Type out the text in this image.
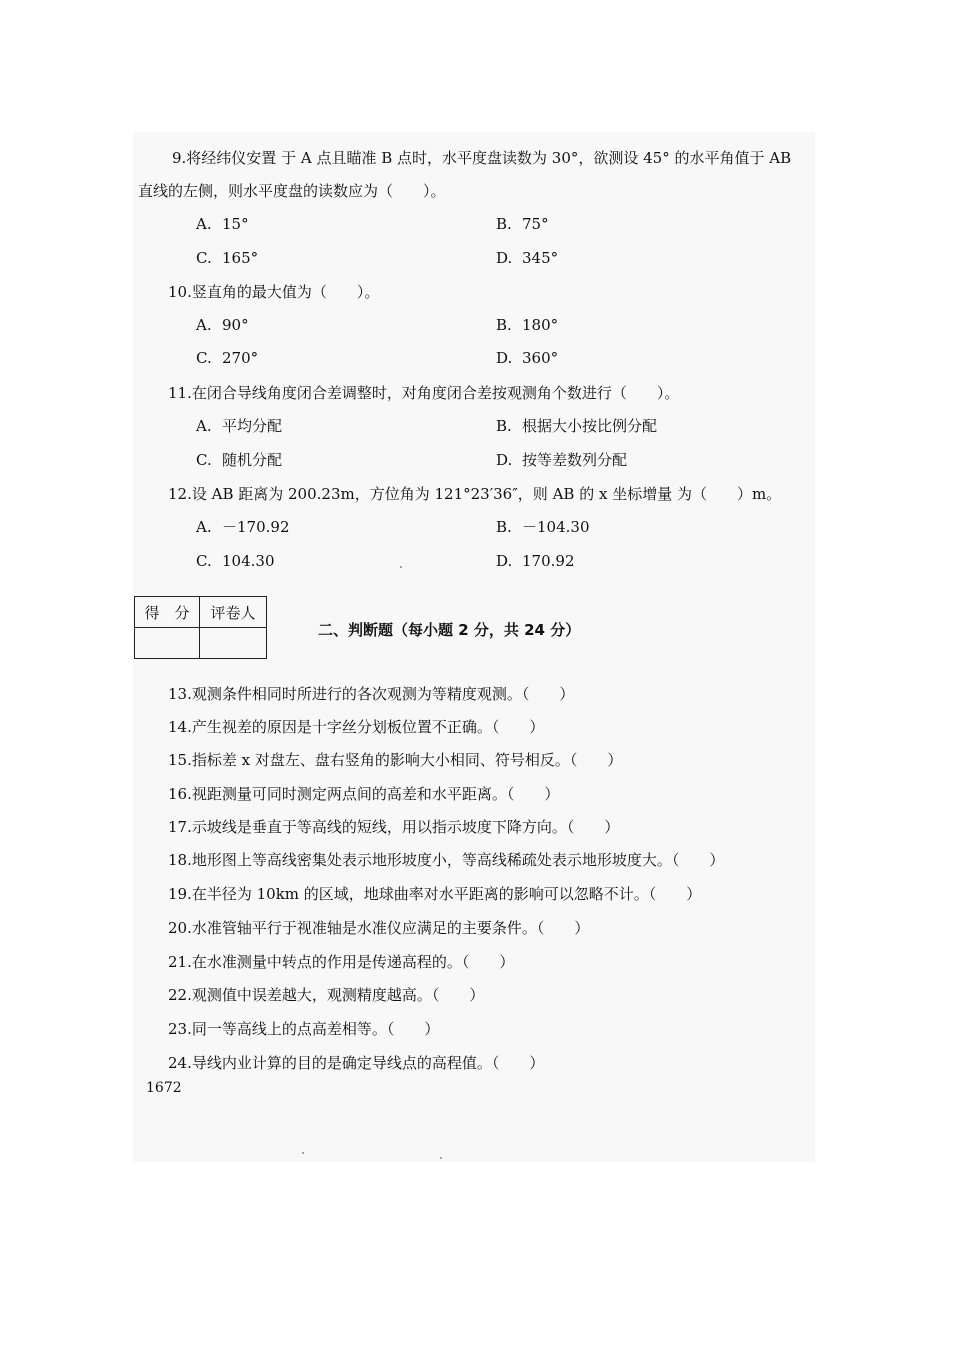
9.将经纬仪安置 于 A 点且瞄准 B 点时，水平度盘读数为 30°，欲测设 45° 的水平角值于 AB
直线的左侧，则水平度盘的读数应为（　　）。
A. 15°	B. 75°
C. 165°	D. 345°
10.竖直角的最大值为（　　）。
A. 90°	B. 180°
C. 270°	D. 360°
11.在闭合导线角度闭合差调整时，对角度闭合差按观测角个数进行（　　）。
A. 平均分配	B. 根据大小按比例分配
C. 随机分配	D. 按等差数列分配
12.设 AB 距离为 200.23m，方位角为 121°23′36″，则 AB 的 x 坐标增量 为（　　）m。
A. －170.92	B. －104.30
C. 104.30	D. 170.92
得　分	评卷人

二、判断题（每小题 2 分，共 24 分）
13.观测条件相同时所进行的各次观测为等精度观测。（　　）
14.产生视差的原因是十字丝分划板位置不正确。（　　）
15.指标差 x 对盘左、盘右竖角的影响大小相同、符号相反。（　　）
16.视距测量可同时测定两点间的高差和水平距离。（　　）
17.示坡线是垂直于等高线的短线，用以指示坡度下降方向。（　　）
18.地形图上等高线密集处表示地形坡度小，等高线稀疏处表示地形坡度大。（　　）
19.在半径为 10km 的区域，地球曲率对水平距离的影响可以忽略不计。（　　）
20.水准管轴平行于视准轴是水准仪应满足的主要条件。（　　）
21.在水准测量中转点的作用是传递高程的。（　　）
22.观测值中误差越大，观测精度越高。（　　）
23.同一等高线上的点高差相等。（　　）
24.导线内业计算的目的是确定导线点的高程值。（　　）
1672
